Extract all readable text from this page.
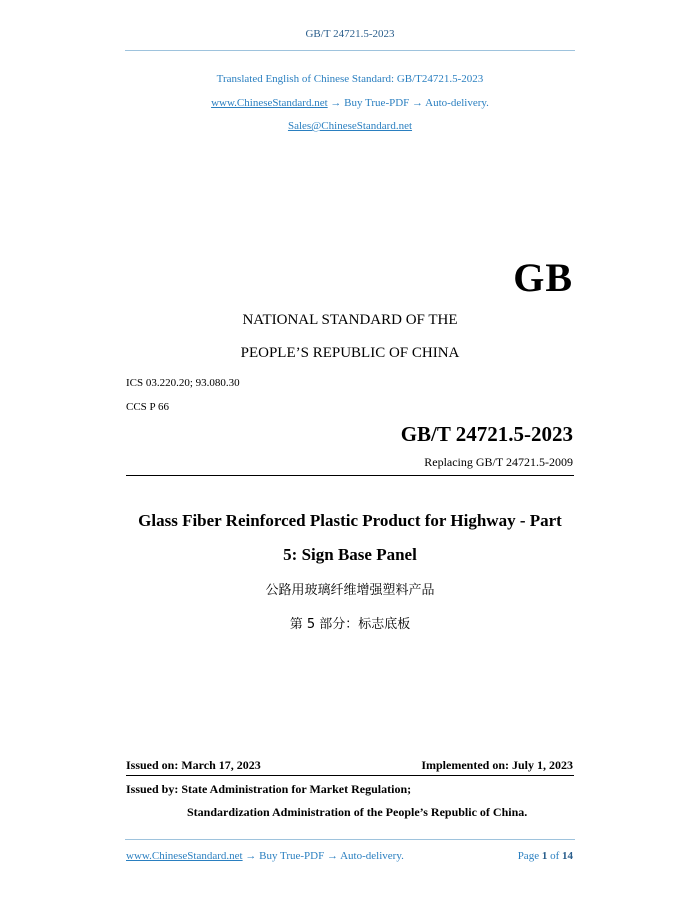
GB/T 24721.5-2023
Translated English of Chinese Standard: GB/T24721.5-2023
www.ChineseStandard.net → Buy True-PDF → Auto-delivery.
Sales@ChineseStandard.net
GB
NATIONAL STANDARD OF THE
PEOPLE’S REPUBLIC OF CHINA
ICS 03.220.20; 93.080.30
CCS P 66
GB/T 24721.5-2023
Replacing GB/T 24721.5-2009
Glass Fiber Reinforced Plastic Product for Highway - Part
5: Sign Base Panel
公路用玻璃纤维增强塑料产品
第 5 部分：标志底板
Issued on: March 17, 2023	Implemented on: July 1, 2023
Issued by: State Administration for Market Regulation;
Standardization Administration of the People’s Republic of China.
www.ChineseStandard.net → Buy True-PDF → Auto-delivery.	Page 1 of 14
